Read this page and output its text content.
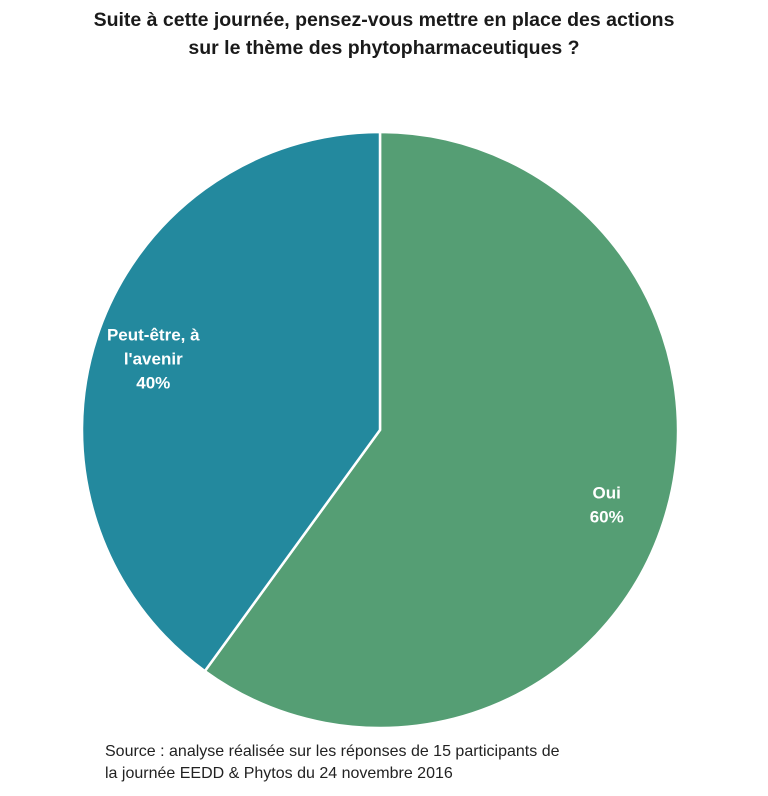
Suite à cette journée, pensez-vous mettre en place des actions
sur le thème des phytopharmaceutiques ?
Oui 60%
Peut-être, à l'avenir 40%
Source : analyse réalisée sur les réponses de 15 participants de
la journée EEDD & Phytos du 24 novembre 2016
